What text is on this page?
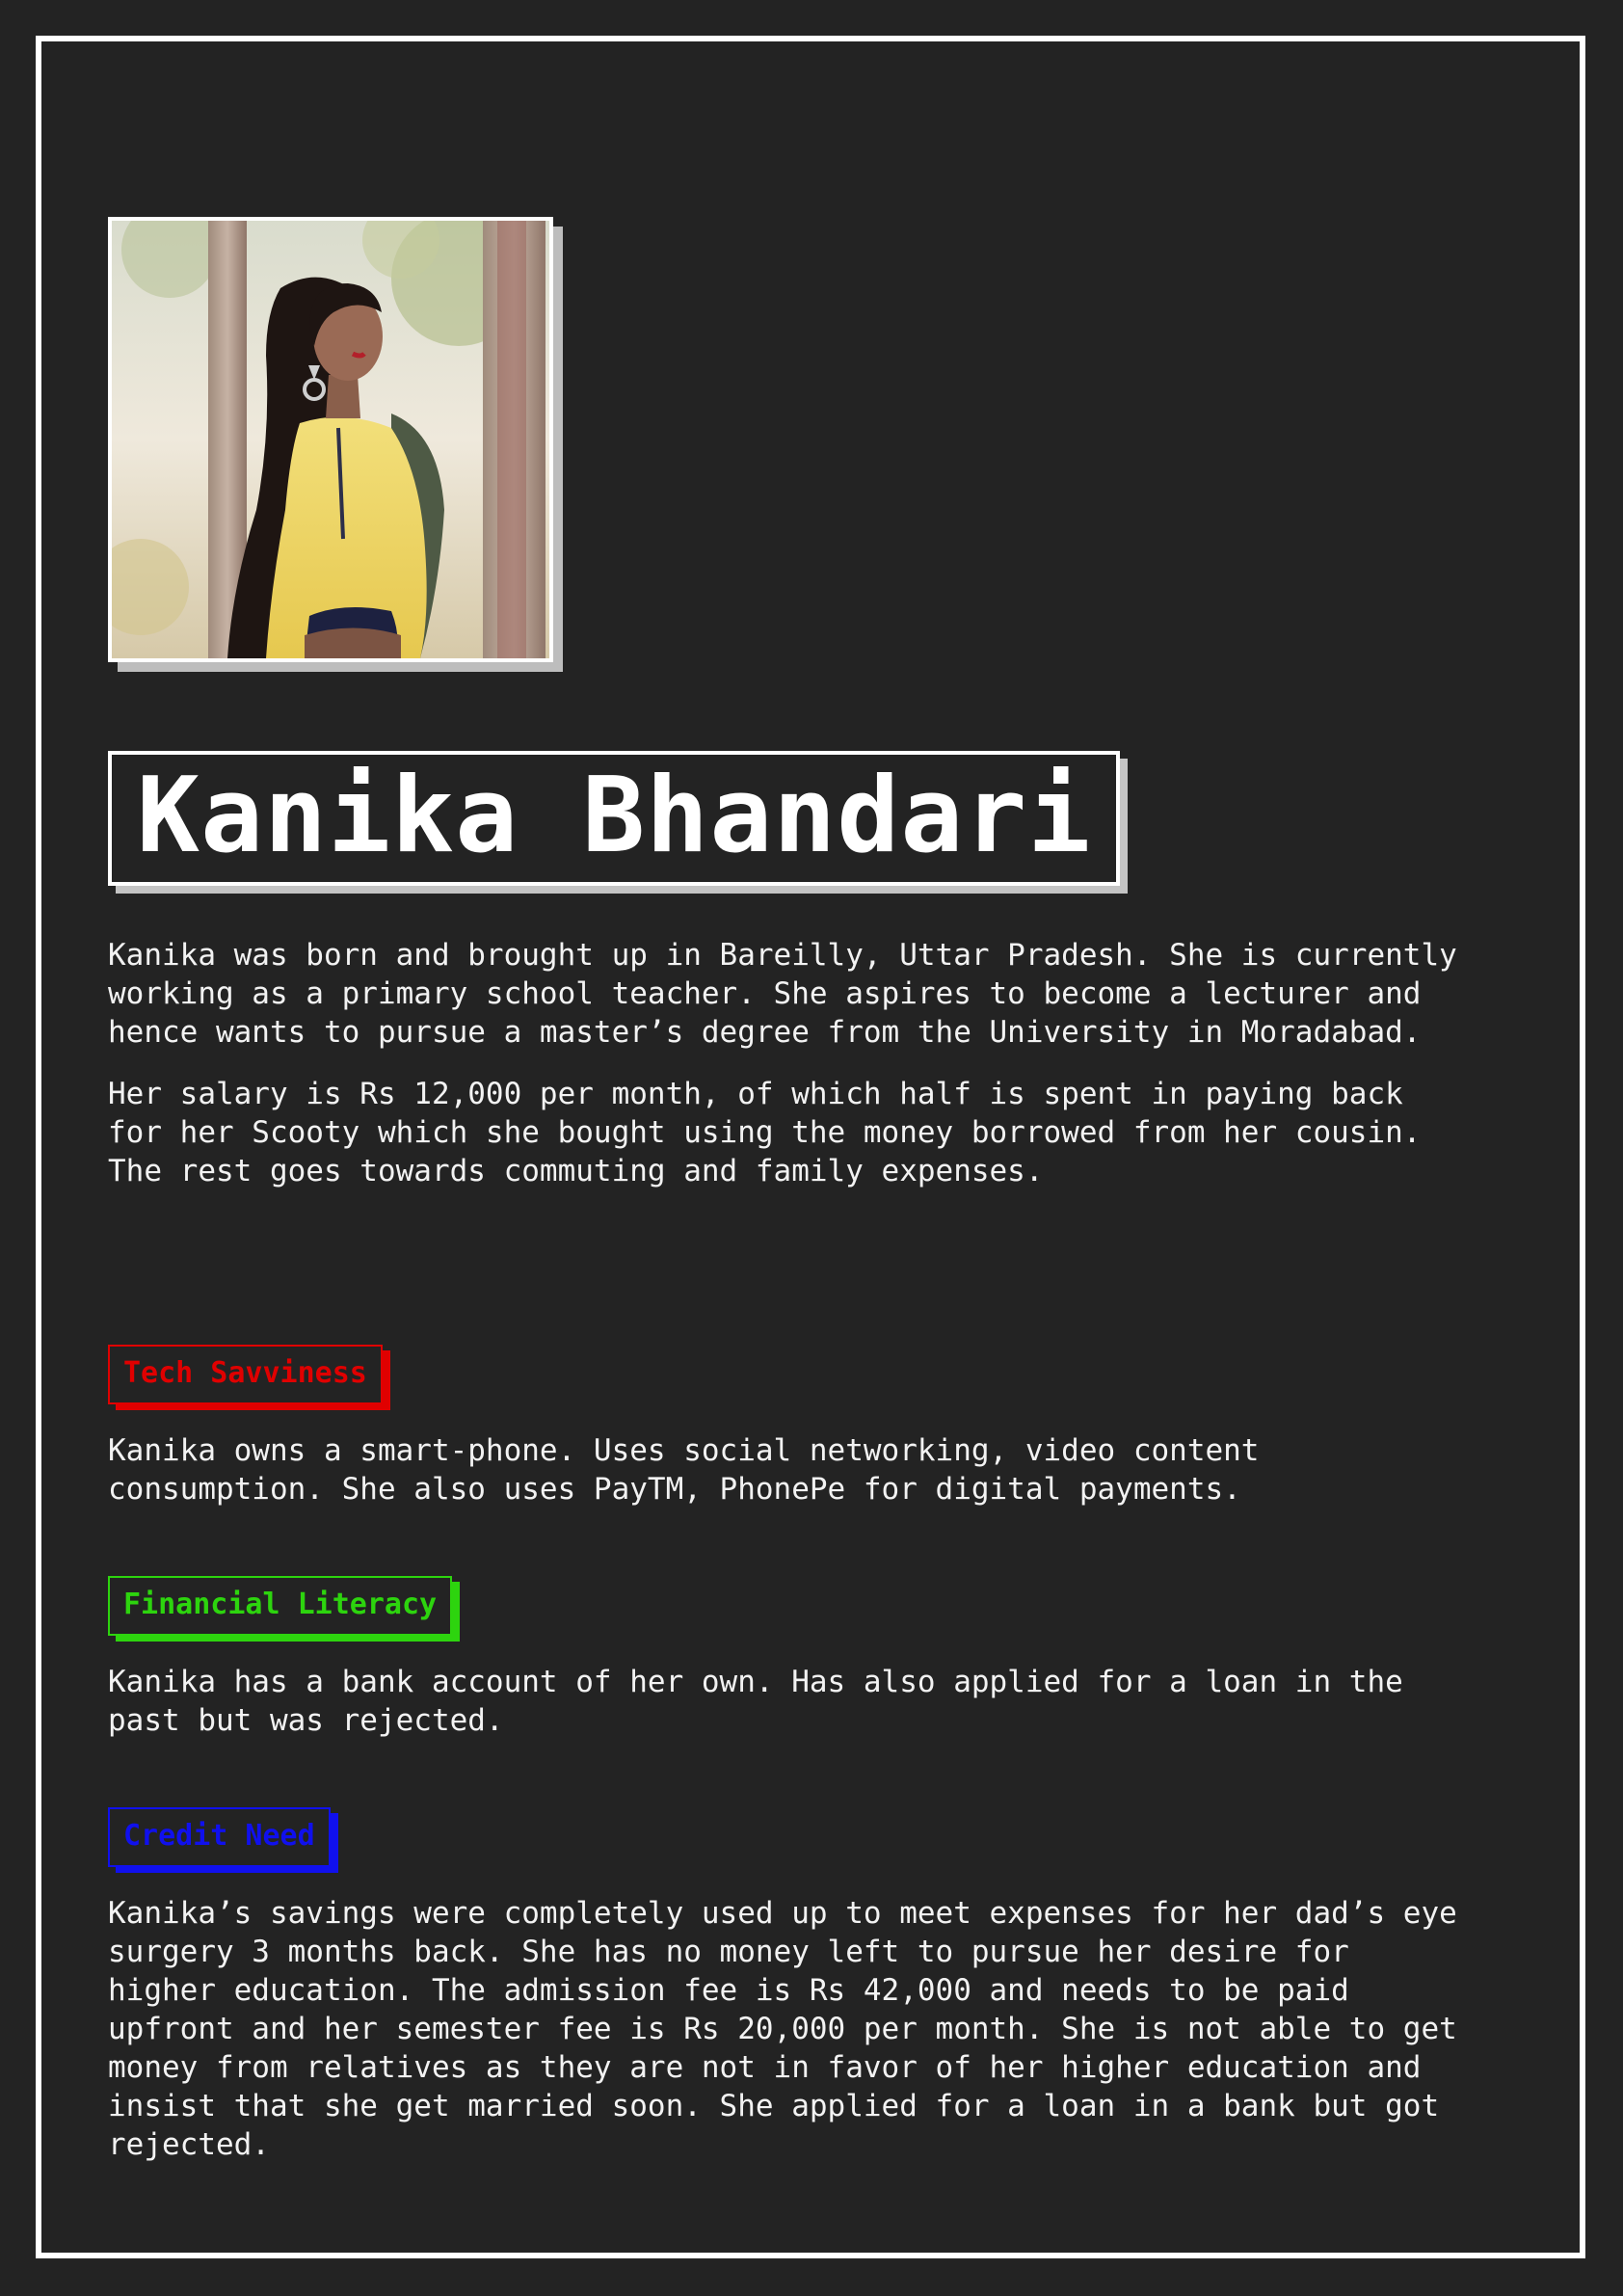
Kanika Bhandari

Kanika was born and brought up in Bareilly, Uttar Pradesh. She is currently working as a primary school teacher. She aspires to become a lecturer and hence wants to pursue a master’s degree from the University in Moradabad.

Her salary is Rs 12,000 per month, of which half is spent in paying back for her Scooty which she bought using the money borrowed from her cousin. The rest goes towards commuting and family expenses.

Tech Savviness

Kanika owns a smart-phone. Uses social networking, video content consumption. She also uses PayTM, PhonePe for digital payments.

Financial Literacy

Kanika has a bank account of her own. Has also applied for a loan in the past but was rejected.

Credit Need

Kanika’s savings were completely used up to meet expenses for her dad’s eye surgery 3 months back. She has no money left to pursue her desire for higher education. The admission fee is Rs 42,000 and needs to be paid upfront and her semester fee is Rs 20,000 per month. She is not able to get money from relatives as they are not in favor of her higher education and insist that she get married soon. She applied for a loan in a bank but got rejected.
